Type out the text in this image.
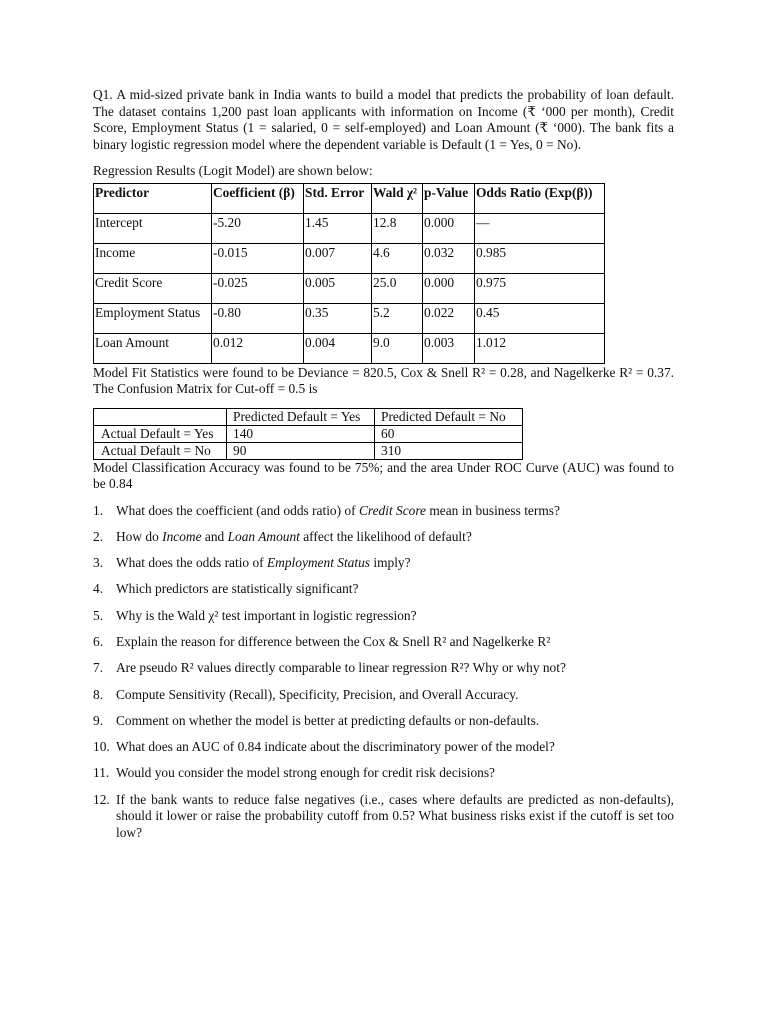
Q1. A mid-sized private bank in India wants to build a model that predicts the probability of loan default. The dataset contains 1,200 past loan applicants with information on Income (₹ ‘000 per month), Credit Score, Employment Status (1 = salaried, 0 = self-employed) and Loan Amount (₹ ‘000). The bank fits a binary logistic regression model where the dependent variable is Default (1 = Yes, 0 = No).

Regression Results (Logit Model) are shown below:

Predictor	Coefficient (β)	Std. Error	Wald χ²	p-Value	Odds Ratio (Exp(β))
Intercept	-5.20	1.45	12.8	0.000	—
Income	-0.015	0.007	4.6	0.032	0.985
Credit Score	-0.025	0.005	25.0	0.000	0.975
Employment Status	-0.80	0.35	5.2	0.022	0.45
Loan Amount	0.012	0.004	9.0	0.003	1.012

Model Fit Statistics were found to be Deviance = 820.5, Cox & Snell R² = 0.28, and Nagelkerke R² = 0.37. The Confusion Matrix for Cut-off = 0.5 is

	Predicted Default = Yes	Predicted Default = No
Actual Default = Yes	140	60
Actual Default = No	90	310

Model Classification Accuracy was found to be 75%; and the area Under ROC Curve (AUC) was found to be 0.84

1. What does the coefficient (and odds ratio) of Credit Score mean in business terms?
2. How do Income and Loan Amount affect the likelihood of default?
3. What does the odds ratio of Employment Status imply?
4. Which predictors are statistically significant?
5. Why is the Wald χ² test important in logistic regression?
6. Explain the reason for difference between the Cox & Snell R² and Nagelkerke R²
7. Are pseudo R² values directly comparable to linear regression R²? Why or why not?
8. Compute Sensitivity (Recall), Specificity, Precision, and Overall Accuracy.
9. Comment on whether the model is better at predicting defaults or non-defaults.
10. What does an AUC of 0.84 indicate about the discriminatory power of the model?
11. Would you consider the model strong enough for credit risk decisions?
12. If the bank wants to reduce false negatives (i.e., cases where defaults are predicted as non-defaults), should it lower or raise the probability cutoff from 0.5? What business risks exist if the cutoff is set too low?
